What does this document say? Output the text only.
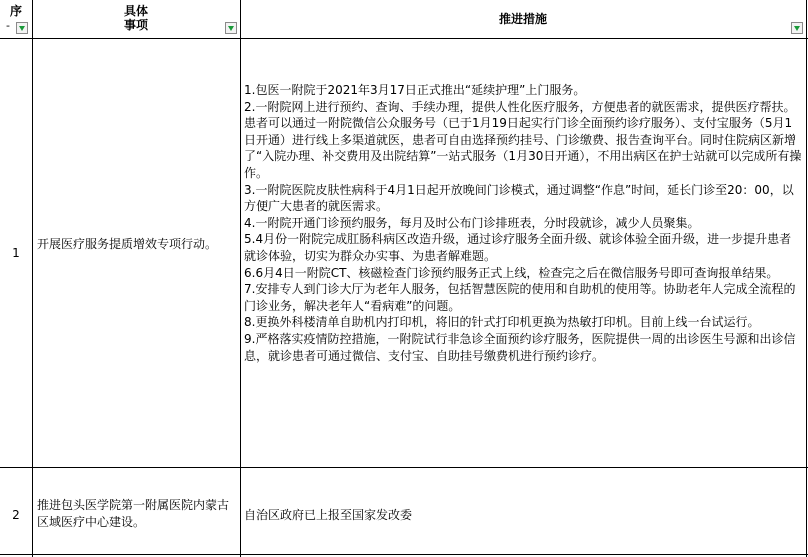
序
-
具体
事项	推进措施
1
开展医疗服务提质增效专项行动。

1.包医一附院于2021年3月17日正式推出“延续护理”上门服务。

2.一附院网上进行预约、查询、手续办理，提供人性化医疗服务，方便患者的就医需求，提供医疗帮扶。患者可以通过一附院微信公众服务号（已于1月19日起实行门诊全面预约诊疗服务）、支付宝服务（5月1日开通）进行线上多渠道就医，患者可自由选择预约挂号、门诊缴费、报告查询平台。同时住院病区新增了“入院办理、补交费用及出院结算”一站式服务（1月30日开通），不用出病区在护士站就可以完成所有操作。

3.一附院医院皮肤性病科于4月1日起开放晚间门诊模式，通过调整“作息”时间，延长门诊至20：00，以方便广大患者的就医需求。

4.一附院开通门诊预约服务，每月及时公布门诊排班表，分时段就诊，减少人员聚集。

5.4月份一附院完成肛肠科病区改造升级，通过诊疗服务全面升级、就诊体验全面升级，进一步提升患者就诊体验，切实为群众办实事、为患者解难题。

6.6月4日一附院CT、核磁检查门诊预约服务正式上线，检查完之后在微信服务号即可查询报单结果。

7.安排专人到门诊大厅为老年人服务，包括智慧医院的使用和自助机的使用等。协助老年人完成全流程的门诊业务，解决老年人“看病难”的问题。

8.更换外科楼清单自助机内打印机，将旧的针式打印机更换为热敏打印机。目前上线一台试运行。

9.严格落实疫情防控措施，一附院试行非急诊全面预约诊疗服务，医院提供一周的出诊医生号源和出诊信息，就诊患者可通过微信、支付宝、自助挂号缴费机进行预约诊疗。

2
推进包头医学院第一附属医院内蒙古区域医疗中心建设。	自治区政府已上报至国家发改委
